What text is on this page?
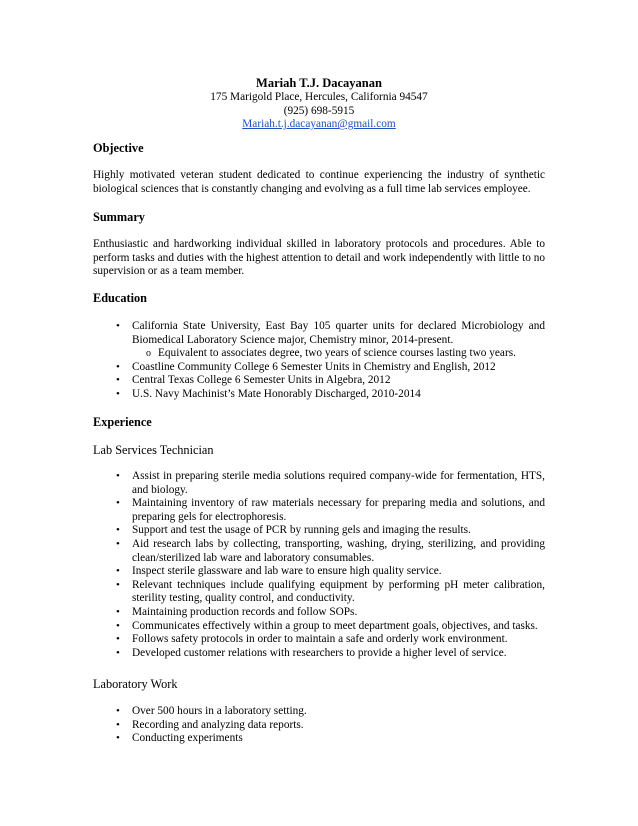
Mariah T.J. Dacayanan
175 Marigold Place, Hercules, California 94547
(925) 698-5915
Mariah.t.j.dacayanan@gmail.com
Objective

Highly motivated veteran student dedicated to continue experiencing the industry of synthetic biological sciences that is constantly changing and evolving as a full time lab services employee.

Summary

Enthusiastic and hardworking individual skilled in laboratory protocols and procedures. Able to perform tasks and duties with the highest attention to detail and work independently with little to no supervision or as a team member.

Education
• California State University, East Bay 105 quarter units for declared Microbiology and Biomedical Laboratory Science major, Chemistry minor, 2014-present.
o Equivalent to associates degree, two years of science courses lasting two years.
• Coastline Community College 6 Semester Units in Chemistry and English, 2012
• Central Texas College 6 Semester Units in Algebra, 2012
• U.S. Navy Machinist’s Mate Honorably Discharged, 2010-2014
Experience
Lab Services Technician
• Assist in preparing sterile media solutions required company-wide for fermentation, HTS, and biology.
• Maintaining inventory of raw materials necessary for preparing media and solutions, and preparing gels for electrophoresis.
• Support and test the usage of PCR by running gels and imaging the results.
• Aid research labs by collecting, transporting, washing, drying, sterilizing, and providing clean/sterilized lab ware and laboratory consumables.
• Inspect sterile glassware and lab ware to ensure high quality service.
• Relevant techniques include qualifying equipment by performing pH meter calibration, sterility testing, quality control, and conductivity.
• Maintaining production records and follow SOPs.
• Communicates effectively within a group to meet department goals, objectives, and tasks.
• Follows safety protocols in order to maintain a safe and orderly work environment.
• Developed customer relations with researchers to provide a higher level of service.
Laboratory Work
• Over 500 hours in a laboratory setting.
• Recording and analyzing data reports.
• Conducting experiments
